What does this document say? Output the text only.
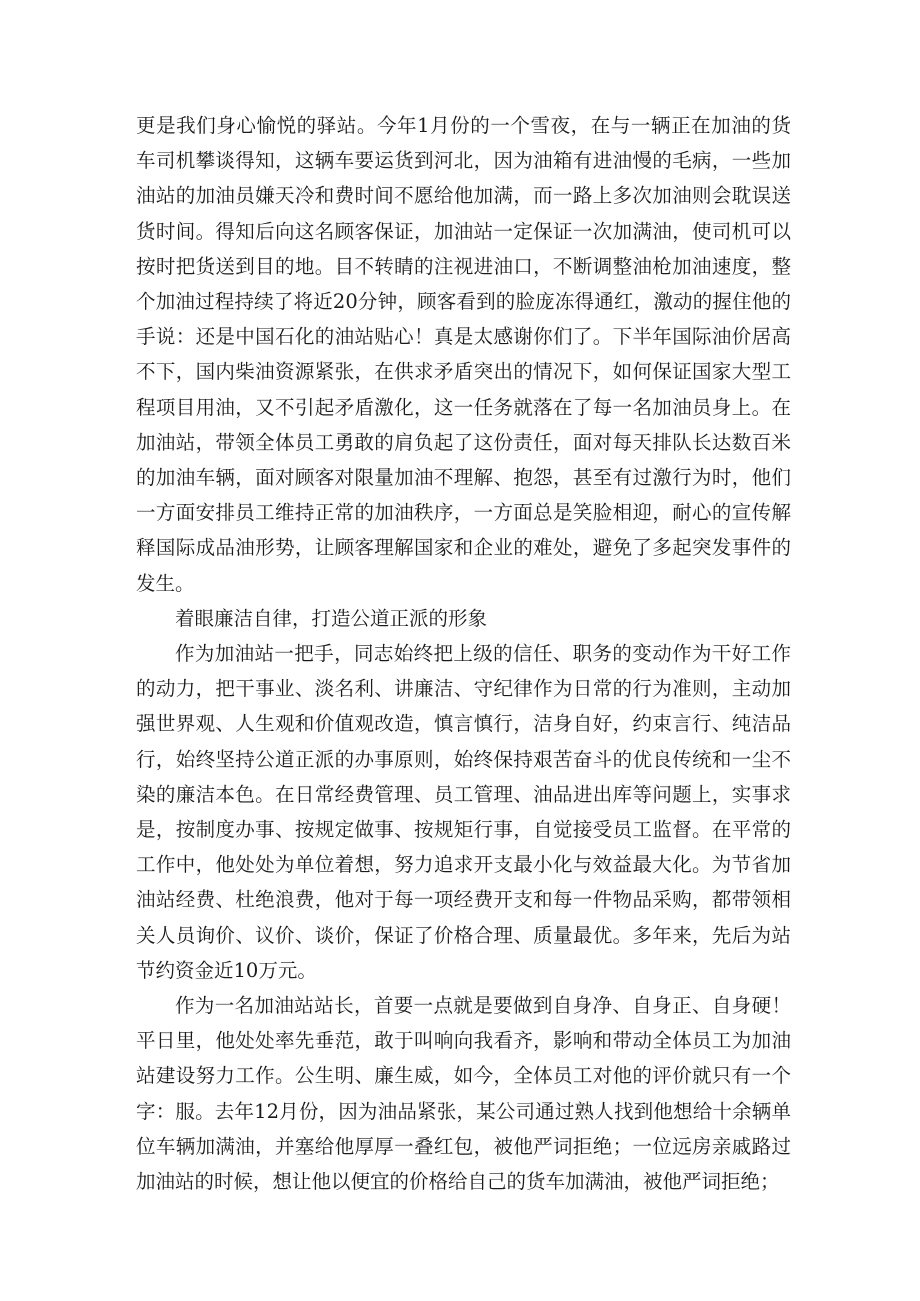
更是我们身心愉悦的驿站。今年1月份的一个雪夜，在与一辆正在加油的货车司机攀谈得知，这辆车要运货到河北，因为油箱有进油慢的毛病，一些加油站的加油员嫌天冷和费时间不愿给他加满，而一路上多次加油则会耽误送货时间。得知后向这名顾客保证，加油站一定保证一次加满油，使司机可以按时把货送到目的地。目不转睛的注视进油口，不断调整油枪加油速度，整个加油过程持续了将近20分钟，顾客看到的脸庞冻得通红，激动的握住他的手说：还是中国石化的油站贴心！真是太感谢你们了。下半年国际油价居高不下，国内柴油资源紧张，在供求矛盾突出的情况下，如何保证国家大型工程项目用油，又不引起矛盾激化，这一任务就落在了每一名加油员身上。在加油站，带领全体员工勇敢的肩负起了这份责任，面对每天排队长达数百米的加油车辆，面对顾客对限量加油不理解、抱怨，甚至有过激行为时，他们一方面安排员工维持正常的加油秩序，一方面总是笑脸相迎，耐心的宣传解释国际成品油形势，让顾客理解国家和企业的难处，避免了多起突发事件的发生。

着眼廉洁自律，打造公道正派的形象

作为加油站一把手，同志始终把上级的信任、职务的变动作为干好工作的动力，把干事业、淡名利、讲廉洁、守纪律作为日常的行为准则，主动加强世界观、人生观和价值观改造，慎言慎行，洁身自好，约束言行、纯洁品行，始终坚持公道正派的办事原则，始终保持艰苦奋斗的优良传统和一尘不染的廉洁本色。在日常经费管理、员工管理、油品进出库等问题上，实事求是，按制度办事、按规定做事、按规矩行事，自觉接受员工监督。在平常的工作中，他处处为单位着想，努力追求开支最小化与效益最大化。为节省加油站经费、杜绝浪费，他对于每一项经费开支和每一件物品采购，都带领相关人员询价、议价、谈价，保证了价格合理、质量最优。多年来，先后为站节约资金近10万元。

作为一名加油站站长，首要一点就是要做到自身净、自身正、自身硬！平日里，他处处率先垂范，敢于叫响向我看齐，影响和带动全体员工为加油站建设努力工作。公生明、廉生威，如今，全体员工对他的评价就只有一个字：服。去年12月份，因为油品紧张，某公司通过熟人找到他想给十余辆单位车辆加满油，并塞给他厚厚一叠红包，被他严词拒绝；一位远房亲戚路过加油站的时候，想让他以便宜的价格给自己的货车加满油，被他严词拒绝；
